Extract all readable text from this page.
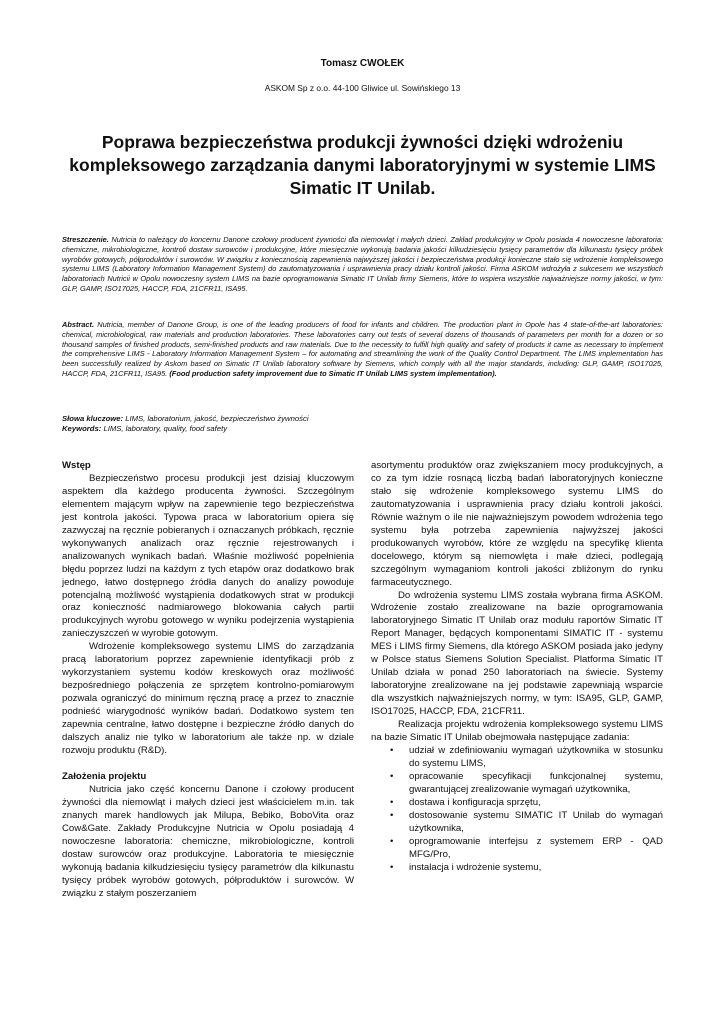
Tomasz CWOŁEK
ASKOM Sp z o.o. 44-100 Gliwice ul. Sowińskiego 13
Poprawa bezpieczeństwa produkcji żywności dzięki wdrożeniu kompleksowego zarządzania danymi laboratoryjnymi w systemie LIMS Simatic IT Unilab.

Streszczenie. Nutricia to należący do koncernu Danone czołowy producent żywności dla niemowląt i małych dzieci. Zakład produkcyjny w Opolu posiada 4 nowoczesne laboratoria: chemiczne, mikrobiologiczne, kontroli dostaw surowców i produkcyjne, które miesięcznie wykonują badania jakości kilkudziesięciu tysięcy parametrów dla kilkunastu tysięcy próbek wyrobów gotowych, półproduktów i surowców. W związku z koniecznością zapewnienia najwyższej jakości i bezpieczeństwa produkcji konieczne stało się wdrożenie kompleksowego systemu LIMS (Laboratory Information Management System) do zautomatyzowania i usprawnienia pracy działu kontroli jakości. Firma ASKOM wdrożyła z sukcesem we wszystkich laboratoriach Nutricii w Opolu nowoczesny system LIMS na bazie oprogramowania Simatic IT Unilab firmy Siemens, które to wspiera wszystkie najważniejsze normy jakości, w tym: GLP, GAMP, ISO17025, HACCP, FDA, 21CFR11, ISA95.

Abstract. Nutricia, member of Danone Group, is one of the leading producers of food for infants and children. The production plant in Opole has 4 state-of-the-art laboratories: chemical, microbiological, raw materials and production laboratories. These laboratories carry out tests of several dozens of thousands of parameters per month for a dozen or so thousand samples of finished products, semi-finished products and raw materials. Due to the necessity to fulfill high quality and safety of products it came as necessary to implement the comprehensive LIMS - Laboratory Information Management System – for automating and streamlining the work of the Quality Control Department. The LIMS implementation has been successfully realized by Askom based on Simatic IT Unilab laboratory software by Siemens, which comply with all the major standards, including: GLP, GAMP, ISO17025, HACCP, FDA, 21CFR11, ISA95. (Food production safety improvement due to Simatic IT Unilab LIMS system implementation).

Słowa kluczowe: LIMS, laboratorium, jakość, bezpieczeństwo żywności

Keywords: LIMS, laboratory, quality, food safety

Wstęp

Bezpieczeństwo procesu produkcji jest dzisiaj kluczowym aspektem dla każdego producenta żywności. Szczególnym elementem mającym wpływ na zapewnienie tego bezpieczeństwa jest kontrola jakości. Typowa praca w laboratorium opiera się zazwyczaj na ręcznie pobieranych i oznaczanych próbkach, ręcznie wykonywanych analizach oraz ręcznie rejestrowanych i analizowanych wynikach badań. Właśnie możliwość popełnienia błędu poprzez ludzi na każdym z tych etapów oraz dodatkowo brak jednego, łatwo dostępnego źródła danych do analizy powoduje potencjalną możliwość wystąpienia dodatkowych strat w produkcji oraz konieczność nadmiarowego blokowania całych partii produkcyjnych wyrobu gotowego w wyniku podejrzenia wystąpienia zanieczyszczeń w wyrobie gotowym.

Wdrożenie kompleksowego systemu LIMS do zarządzania pracą laboratorium poprzez zapewnienie identyfikacji prób z wykorzystaniem systemu kodów kreskowych oraz możliwość bezpośredniego połączenia ze sprzętem kontrolno-pomiarowym pozwala ograniczyć do minimum ręczną pracę a przez to znacznie podnieść wiarygodność wyników badań. Dodatkowo system ten zapewnia centralne, łatwo dostępne i bezpieczne źródło danych do dalszych analiz nie tylko w laboratorium ale także np. w dziale rozwoju produktu (R&D).

Założenia projektu

Nutricia jako część koncernu Danone i czołowy producent żywności dla niemowląt i małych dzieci jest właścicielem m.in. tak znanych marek handlowych jak Milupa, Bebiko, BoboVita oraz Cow&Gate. Zakłady Produkcyjne Nutricia w Opolu posiadają 4 nowoczesne laboratoria: chemiczne, mikrobiologiczne, kontroli dostaw surowców oraz produkcyjne. Laboratoria te miesięcznie wykonują badania kilkudziesięciu tysięcy parametrów dla kilkunastu tysięcy próbek wyrobów gotowych, półproduktów i surowców. W związku z stałym poszerzaniem

asortymentu produktów oraz zwiększaniem mocy produkcyjnych, a co za tym idzie rosnącą liczbą badań laboratoryjnych konieczne stało się wdrożenie kompleksowego systemu LIMS do zautomatyzowania i usprawnienia pracy działu kontroli jakości. Równie ważnym o ile nie najważniejszym powodem wdrożenia tego systemu była potrzeba zapewnienia najwyższej jakości produkowanych wyrobów, które ze względu na specyfikę klienta docelowego, którym są niemowlęta i małe dzieci, podlegają szczególnym wymaganiom kontroli jakości zbliżonym do rynku farmaceutycznego.

Do wdrożenia systemu LIMS została wybrana firma ASKOM. Wdrożenie zostało zrealizowane na bazie oprogramowania laboratoryjnego Simatic IT Unilab oraz modułu raportów Simatic IT Report Manager, będących komponentami SIMATIC IT - systemu MES i LIMS firmy Siemens, dla którego ASKOM posiada jako jedyny w Polsce status Siemens Solution Specialist. Platforma Simatic IT Unilab działa w ponad 250 laboratoriach na świecie. Systemy laboratoryjne zrealizowane na jej podstawie zapewniają wsparcie dla wszystkich najważniejszych normy, w tym: ISA95, GLP, GAMP, ISO17025, HACCP, FDA, 21CFR11.

Realizacja projektu wdrożenia kompleksowego systemu LIMS na bazie Simatic IT Unilab obejmowała następujące zadania:

• udział w zdefiniowaniu wymagań użytkownika w stosunku do systemu LIMS,
• opracowanie specyfikacji funkcjonalnej systemu, gwarantującej zrealizowanie wymagań użytkownika,
• dostawa i konfiguracja sprzętu,
• dostosowanie systemu SIMATIC IT Unilab do wymagań użytkownika,
• oprogramowanie interfejsu z systemem ERP - QAD MFG/Pro,
• instalacja i wdrożenie systemu,
